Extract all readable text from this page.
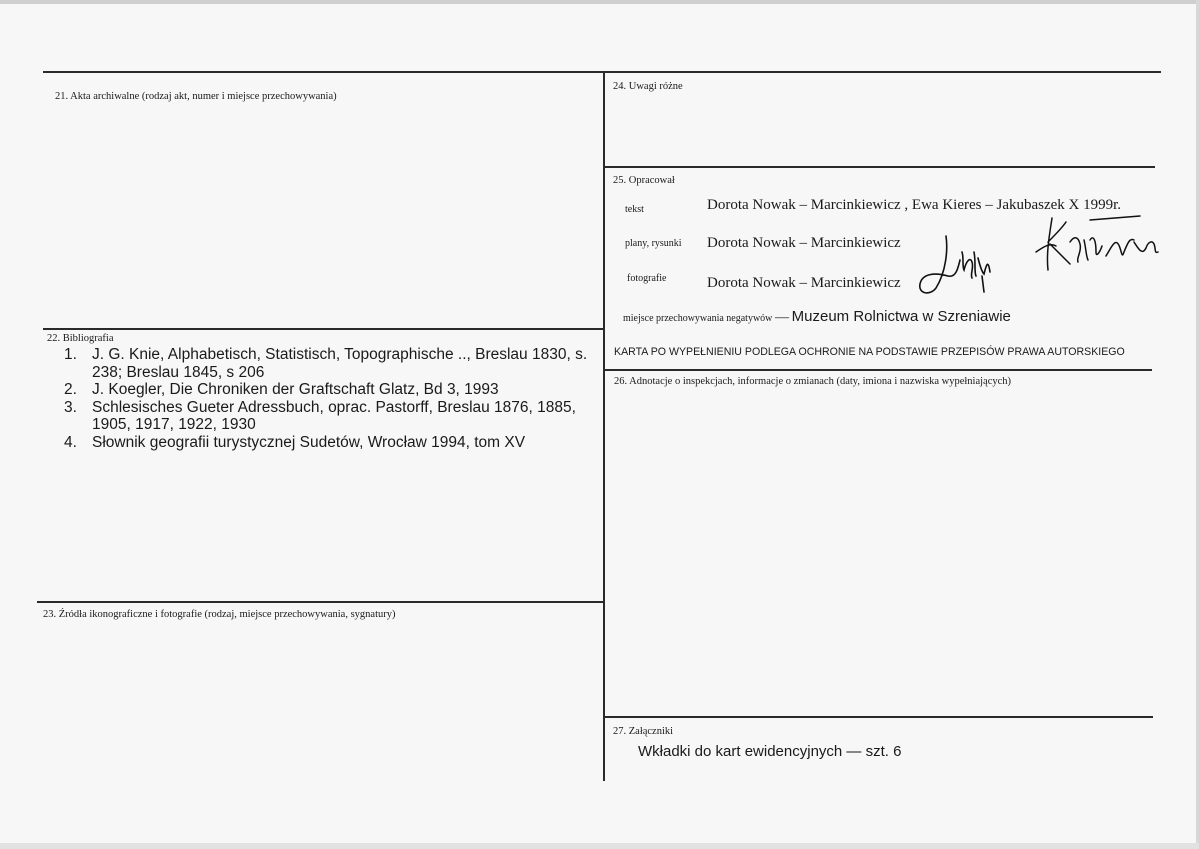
21. Akta archiwalne (rodzaj akt, numer i miejsce przechowywania)
22. Bibliografia
1. J. G. Knie, Alphabetisch, Statistisch, Topographische .., Breslau 1830, s. 238; Breslau 1845, s 206
2. J. Koegler, Die Chroniken der Graftschaft Glatz, Bd 3, 1993
3. Schlesisches Gueter Adressbuch, oprac. Pastorff, Breslau 1876, 1885, 1905, 1917, 1922, 1930
4. Słownik geografii turystycznej Sudetów, Wrocław 1994, tom XV
23. Źródła ikonograficzne i fotografie (rodzaj, miejsce przechowywania, sygnatury)
24. Uwagi różne
25. Opracował
tekst	Dorota Nowak – Marcinkiewicz , Ewa Kieres – Jakubaszek X 1999r.
plany, rysunki Dorota Nowak – Marcinkiewicz
fotografie	Dorota Nowak – Marcinkiewicz
miejsce przechowywania negatywów — Muzeum Rolnictwa w Szreniawie
KARTA PO WYPEŁNIENIU PODLEGA OCHRONIE NA PODSTAWIE PRZEPISÓW PRAWA AUTORSKIEGO
26. Adnotacje o inspekcjach, informacje o zmianach (daty, imiona i nazwiska wypełniających)
27. Załączniki
Wkładki do kart ewidencyjnych — szt. 6
